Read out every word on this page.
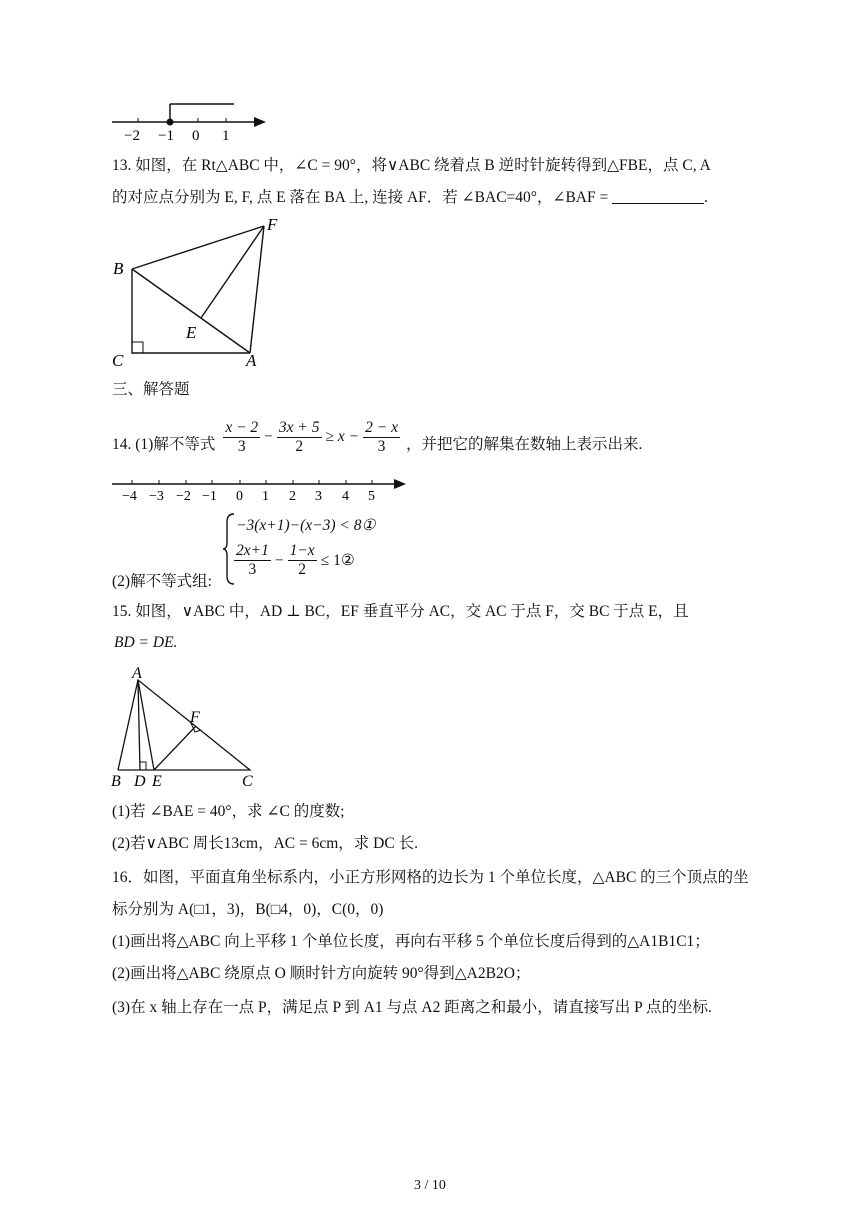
−2 −1 0 1
13. 如图，在 Rt△ABC 中，∠C = 90°，将∨ABC 绕着点 B 逆时针旋转得到△FBE，点 C, A
的对应点分别为 E, F, 点 E 落在 BA 上, 连接 AF．若 ∠BAC=40°，∠BAF =	.
F
B
E
C	A
三、解答题
14. (1)解不等式 $\frac{x - 2}{3} - \frac{3x + 5}{2} \ge x - \frac{2 - x}{3}$ ，并把它的解集在数轴上表示出来.
−4 −3 −2 −1 0 1 2 3 4 5
(2)解不等式组:
−3(x+1)−(x−3) < 8①
$\frac{2x+1}{3} - \frac{1-x}{2}$ ≤ 1②
15. 如图，∨ABC 中，AD ⊥ BC，EF 垂直平分 AC，交 AC 于点 F，交 BC 于点 E，且
BD = DE.
A
F
B D E	C
(1)若 ∠BAE = 40°，求 ∠C 的度数;
(2)若∨ABC 周长13cm，AC = 6cm，求 DC 长.
16．如图，平面直角坐标系内，小正方形网格的边长为 1 个单位长度，△ABC 的三个顶点的坐
标分别为 A(□1，3)，B(□4，0)，C(0，0)
(1)画出将△ABC 向上平移 1 个单位长度，再向右平移 5 个单位长度后得到的△A1B1C1；
(2)画出将△ABC 绕原点 O 顺时针方向旋转 90°得到△A2B2O；
(3)在 x 轴上存在一点 P，满足点 P 到 A1 与点 A2 距离之和最小，请直接写出 P 点的坐标.
3 / 10
